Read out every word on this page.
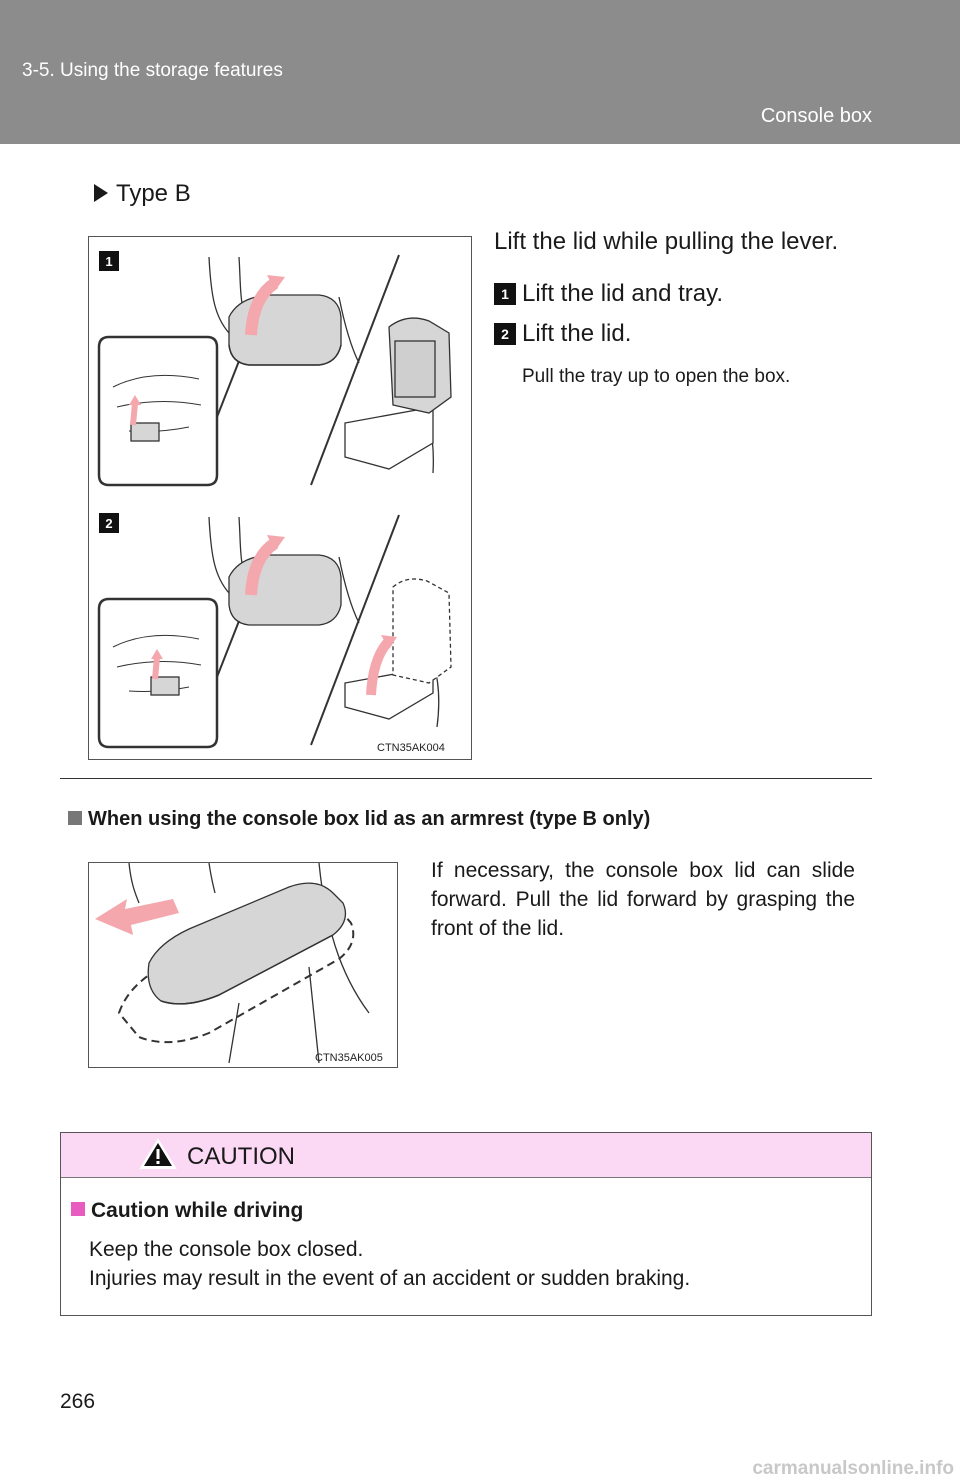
3-5. Using the storage features
Console box
Type B
1
2
CTN35AK004
Lift the lid while pulling the lever.
1 Lift the lid and tray.
2 Lift the lid.
Pull the tray up to open the box.
When using the console box lid as an armrest (type B only)
CTN35AK005
If necessary, the console box lid can slide forward. Pull the lid forward by grasping the front of the lid.
CAUTION
Caution while driving
Keep the console box closed.
Injuries may result in the event of an accident or sudden braking.
266
carmanualsonline.info
